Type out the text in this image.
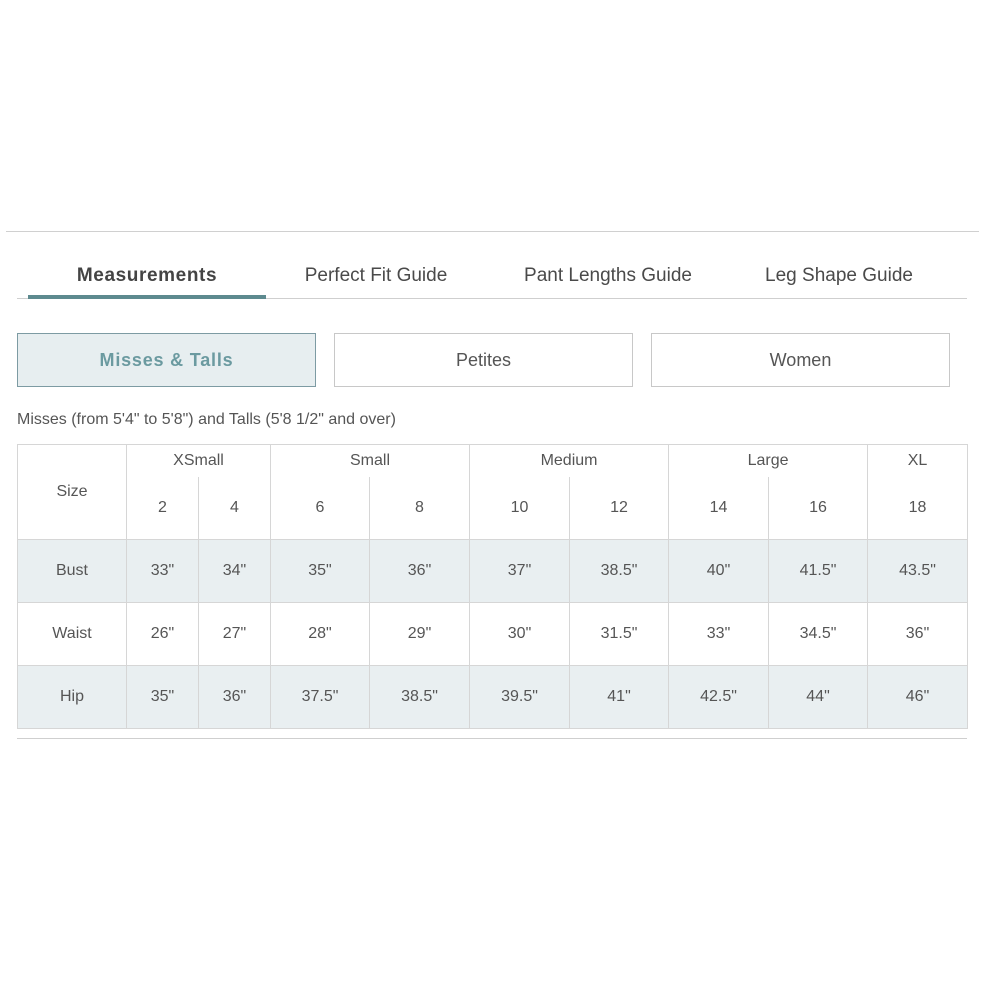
Measurements	Perfect Fit Guide	Pant Lengths Guide	Leg Shape Guide
Misses & Talls	Petites	Women
Misses (from 5'4" to 5'8") and Talls (5'8 1/2" and over)
Size	XSmall		Small		Medium		Large		XL
	2	4	6	8	10	12	14	16	18
Bust	33"	34"	35"	36"	37"	38.5"	40"	41.5"	43.5"
Waist	26"	27"	28"	29"	30"	31.5"	33"	34.5"	36"
Hip	35"	36"	37.5"	38.5"	39.5"	41"	42.5"	44"	46"
